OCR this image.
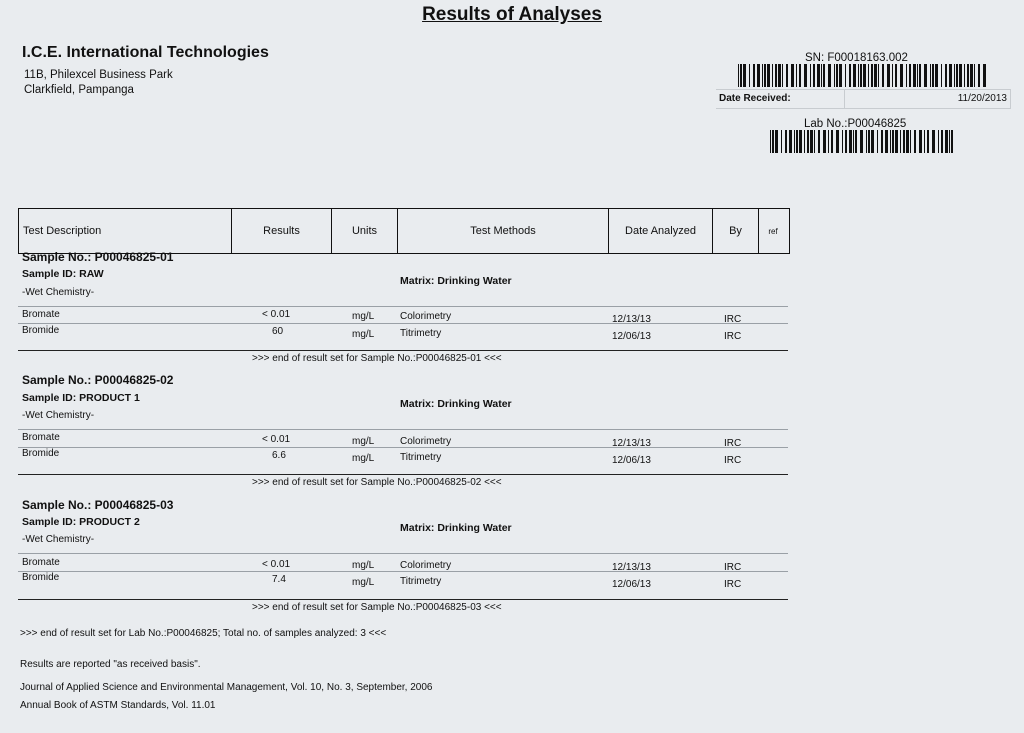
Results of Analyses
I.C.E. International Technologies
11B, Philexcel Business Park
Clarkfield, Pampanga
SN: F00018163.002
Date Received:	11/20/2013
Lab No.:P00046825
Test Description	Results	Units	Test Methods	Date Analyzed	By	ref
Sample No.: P00046825-01
Sample ID: RAW
Matrix: Drinking Water
-Wet Chemistry-
Bromate	< 0.01	mg/L	Colorimetry	12/13/13	IRC
Bromide	60	mg/L	Titrimetry	12/06/13	IRC
>>> end of result set for Sample No.:P00046825-01 <<<
Sample No.: P00046825-02
Sample ID: PRODUCT 1	Matrix: Drinking Water
-Wet Chemistry-
Bromate	< 0.01	mg/L	Colorimetry	12/13/13	IRC
Bromide	6.6	mg/L	Titrimetry	12/06/13	IRC
>>> end of result set for Sample No.:P00046825-02 <<<
Sample No.: P00046825-03
Sample ID: PRODUCT 2	Matrix: Drinking Water
-Wet Chemistry-
Bromate	< 0.01	mg/L	Colorimetry	12/13/13	IRC
Bromide	7.4	mg/L	Titrimetry	12/06/13	IRC
>>> end of result set for Sample No.:P00046825-03 <<<
>>> end of result set for Lab No.:P00046825; Total no. of samples analyzed: 3 <<<
Results are reported "as received basis".
Journal of Applied Science and Environmental Management, Vol. 10, No. 3, September, 2006
Annual Book of ASTM Standards, Vol. 11.01
